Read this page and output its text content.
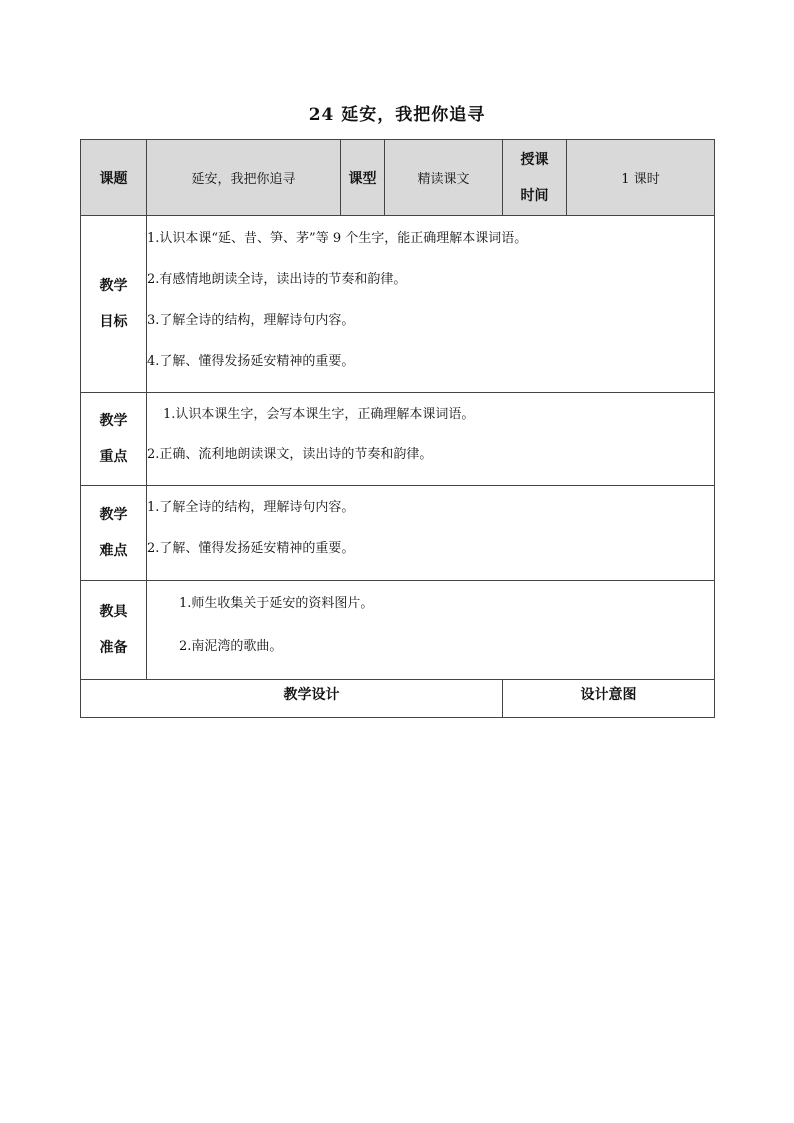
24 延安，我把你追寻
课题	延安，我把你追寻	课型	精读课文	授课
时间	1 课时

教学
目标	1.认识本课“延、昔、笋、茅”等 9 个生字，能正确理解本课词语。
2.有感情地朗读全诗，读出诗的节奏和韵律。
3.了解全诗的结构，理解诗句内容。
4.了解、懂得发扬延安精神的重要。				

教学
重点	1.认识本课生字，会写本课生字，正确理解本课词语。
2.正确、流利地朗读课文，读出诗的节奏和韵律。				

教学
难点	1.了解全诗的结构，理解诗句内容。
2.了解、懂得发扬延安精神的重要。				

教具
准备	1.师生收集关于延安的资料图片。
2.南泥湾的歌曲。				

教学设计				设计意图	
